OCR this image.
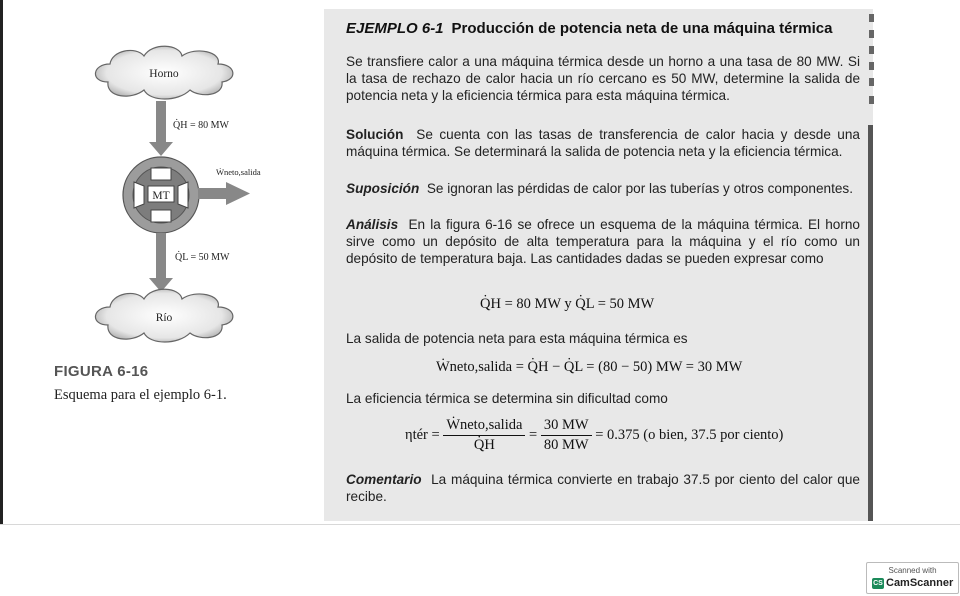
Horno
Q̇H = 80 MW
MT
Ẇneto,salida
Q̇L = 50 MW
Río
FIGURA 6-16
Esquema para el ejemplo 6-1.
EJEMPLO 6-1 Producción de potencia neta de una máquina térmica
Se transfiere calor a una máquina térmica desde un horno a una tasa de 80 MW. Si la tasa de rechazo de calor hacia un río cercano es 50 MW, determine la salida de potencia neta y la eficiencia térmica para esta máquina térmica.
Solución Se cuenta con las tasas de transferencia de calor hacia y desde una máquina térmica. Se determinará la salida de potencia neta y la eficiencia térmica.
Suposición Se ignoran las pérdidas de calor por las tuberías y otros componentes.
Análisis En la figura 6-16 se ofrece un esquema de la máquina térmica. El horno sirve como un depósito de alta temperatura para la máquina y el río como un depósito de temperatura baja. Las cantidades dadas se pueden expresar como
Q̇H = 80 MW y Q̇L = 50 MW
La salida de potencia neta para esta máquina térmica es
Ẇneto,salida = Q̇H − Q̇L = (80 − 50) MW = 30 MW
La eficiencia térmica se determina sin dificultad como
ηtér = $\frac{\text{Ẇneto,salida}}{Q̇H} = \frac{30 MW}{80 MW} = 0.375$ (o bien, 37.5 por ciento)
Comentario La máquina térmica convierte en trabajo 37.5 por ciento del calor que recibe.
Scanned with
CS CamScanner
